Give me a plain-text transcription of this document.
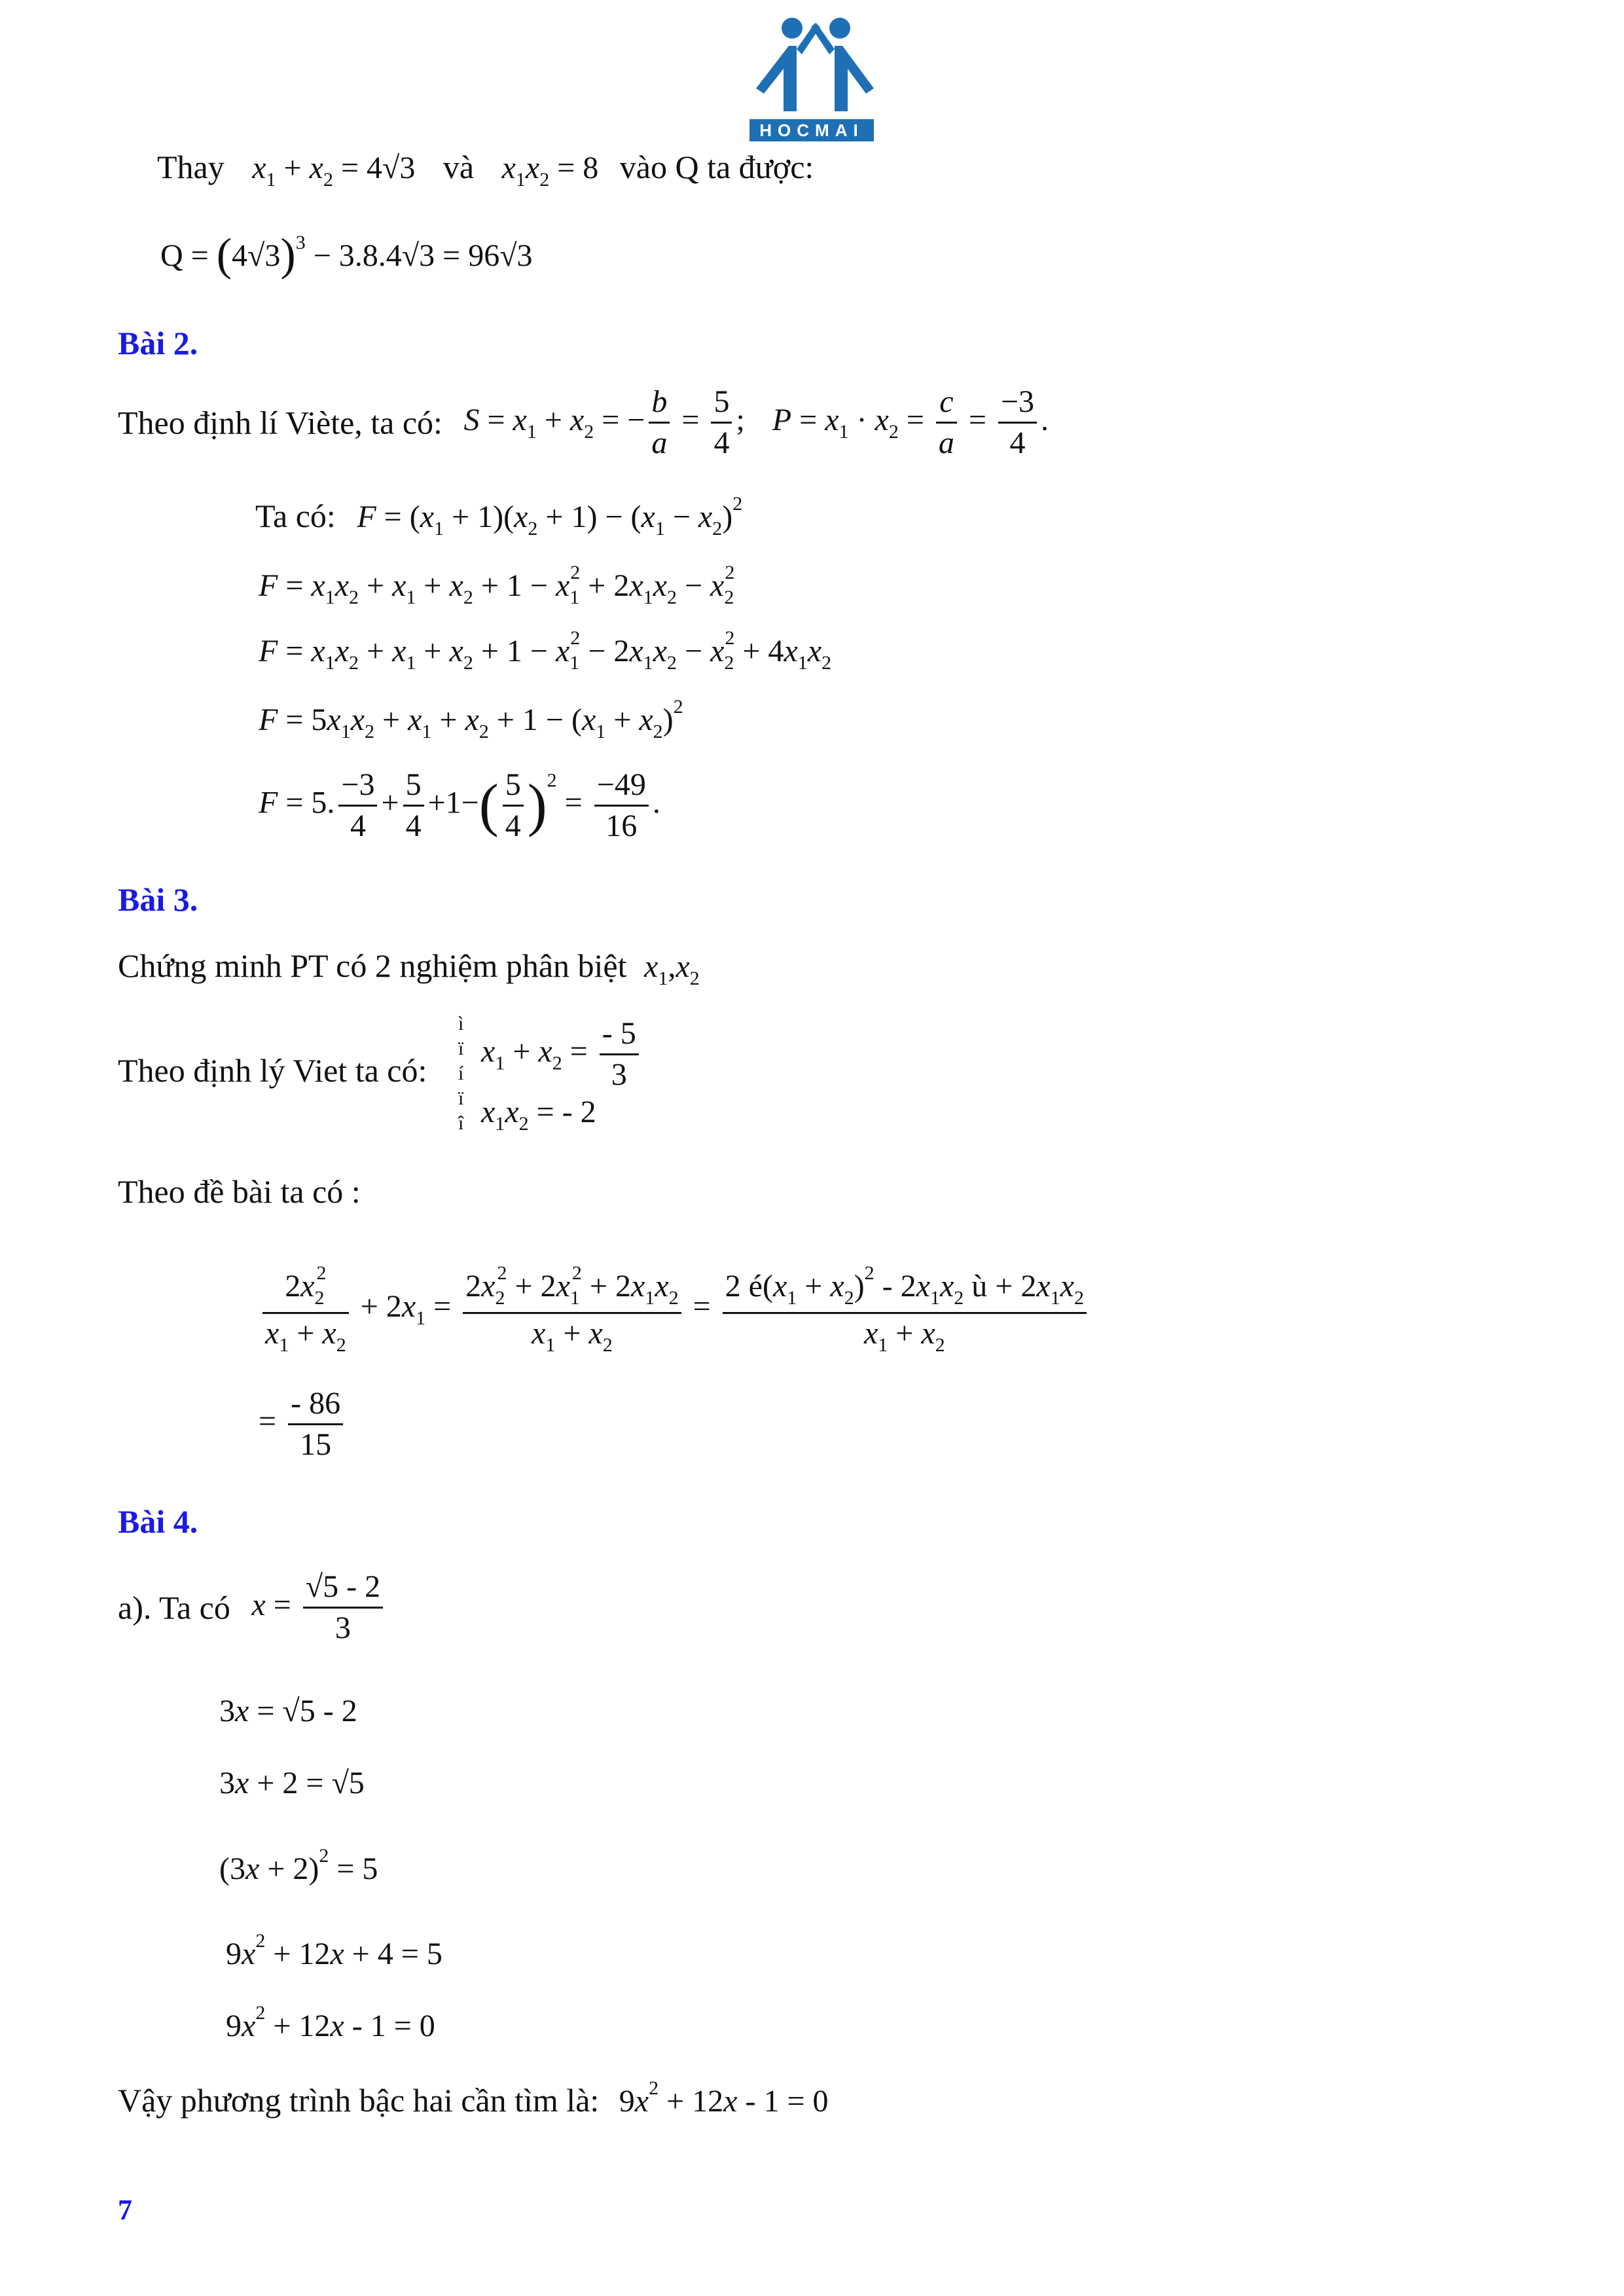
HOCMAI
Thay $x_1 + x_2 = 4√3$ và $x_1x_2 = 8$ vào Q ta được:
$Q = (4√3)^3 - 3.8.4√3 = 96√3$
Bài 2.
Theo định lí Viète, ta có: $S = x_1 + x_2$ = − $\frac{b}{a} = \frac{5}{4}$ ; $P = x_1 \cdot x_2 = \frac{c}{a} = \frac{-3}{4}$ .
Ta có: $F = (x_1 + 1)(x_2 + 1) - (x_1 - x_2)^2$
$F = x_1x_2 + x_1 + x_2 + 1 - x_1^2 + 2x_1x_2 - x_2^2$
$F = x_1x_2 + x_1 + x_2 + 1 - x_1^2 - 2x_1x_2 - x_2^2 + 4x_1x_2$
$F = 5x_1x_2 + x_1 + x_2 + 1 - (x_1 + x_2)^2$
F = 5. $\frac{-3}{4} + \frac{5}{4} +1-( \frac{5}{4} )^2 = \frac{-49}{16}$ .
Bài 3.
Chứng minh PT có 2 nghiệm phân biệt $x_1,x_2$
Theo định lý Viet ta có:
ì
ï
í
ï
î
$x_1 + x_2 = \frac{- 5}{3}$
$x_1x_2$ = - 2
Theo đề bài ta có :
$\frac{2x_2^2}{x_1 + x_2} + 2x_1 = \frac{2x_2^2 + 2x_1^2 + 2x_1x_2}{x_1 + x_2} = \frac{2 é(x_1 + x_2)^2 - 2x_1x_2 ù + 2x_1x_2}{x_1 + x_2}$
= $\frac{- 86}{15}$
Bài 4.
a). Ta có $x = \frac{√5 - 2}{3}$
3x = √5 - 2
3x + 2 = √5
$(3x + 2)^2 = 5$
$9x^2 + 12x + 4 = 5$
$9x^2 + 12x - 1 = 0$
Vậy phương trình bậc hai cần tìm là: $9x^2 + 12x - 1 = 0$
7
